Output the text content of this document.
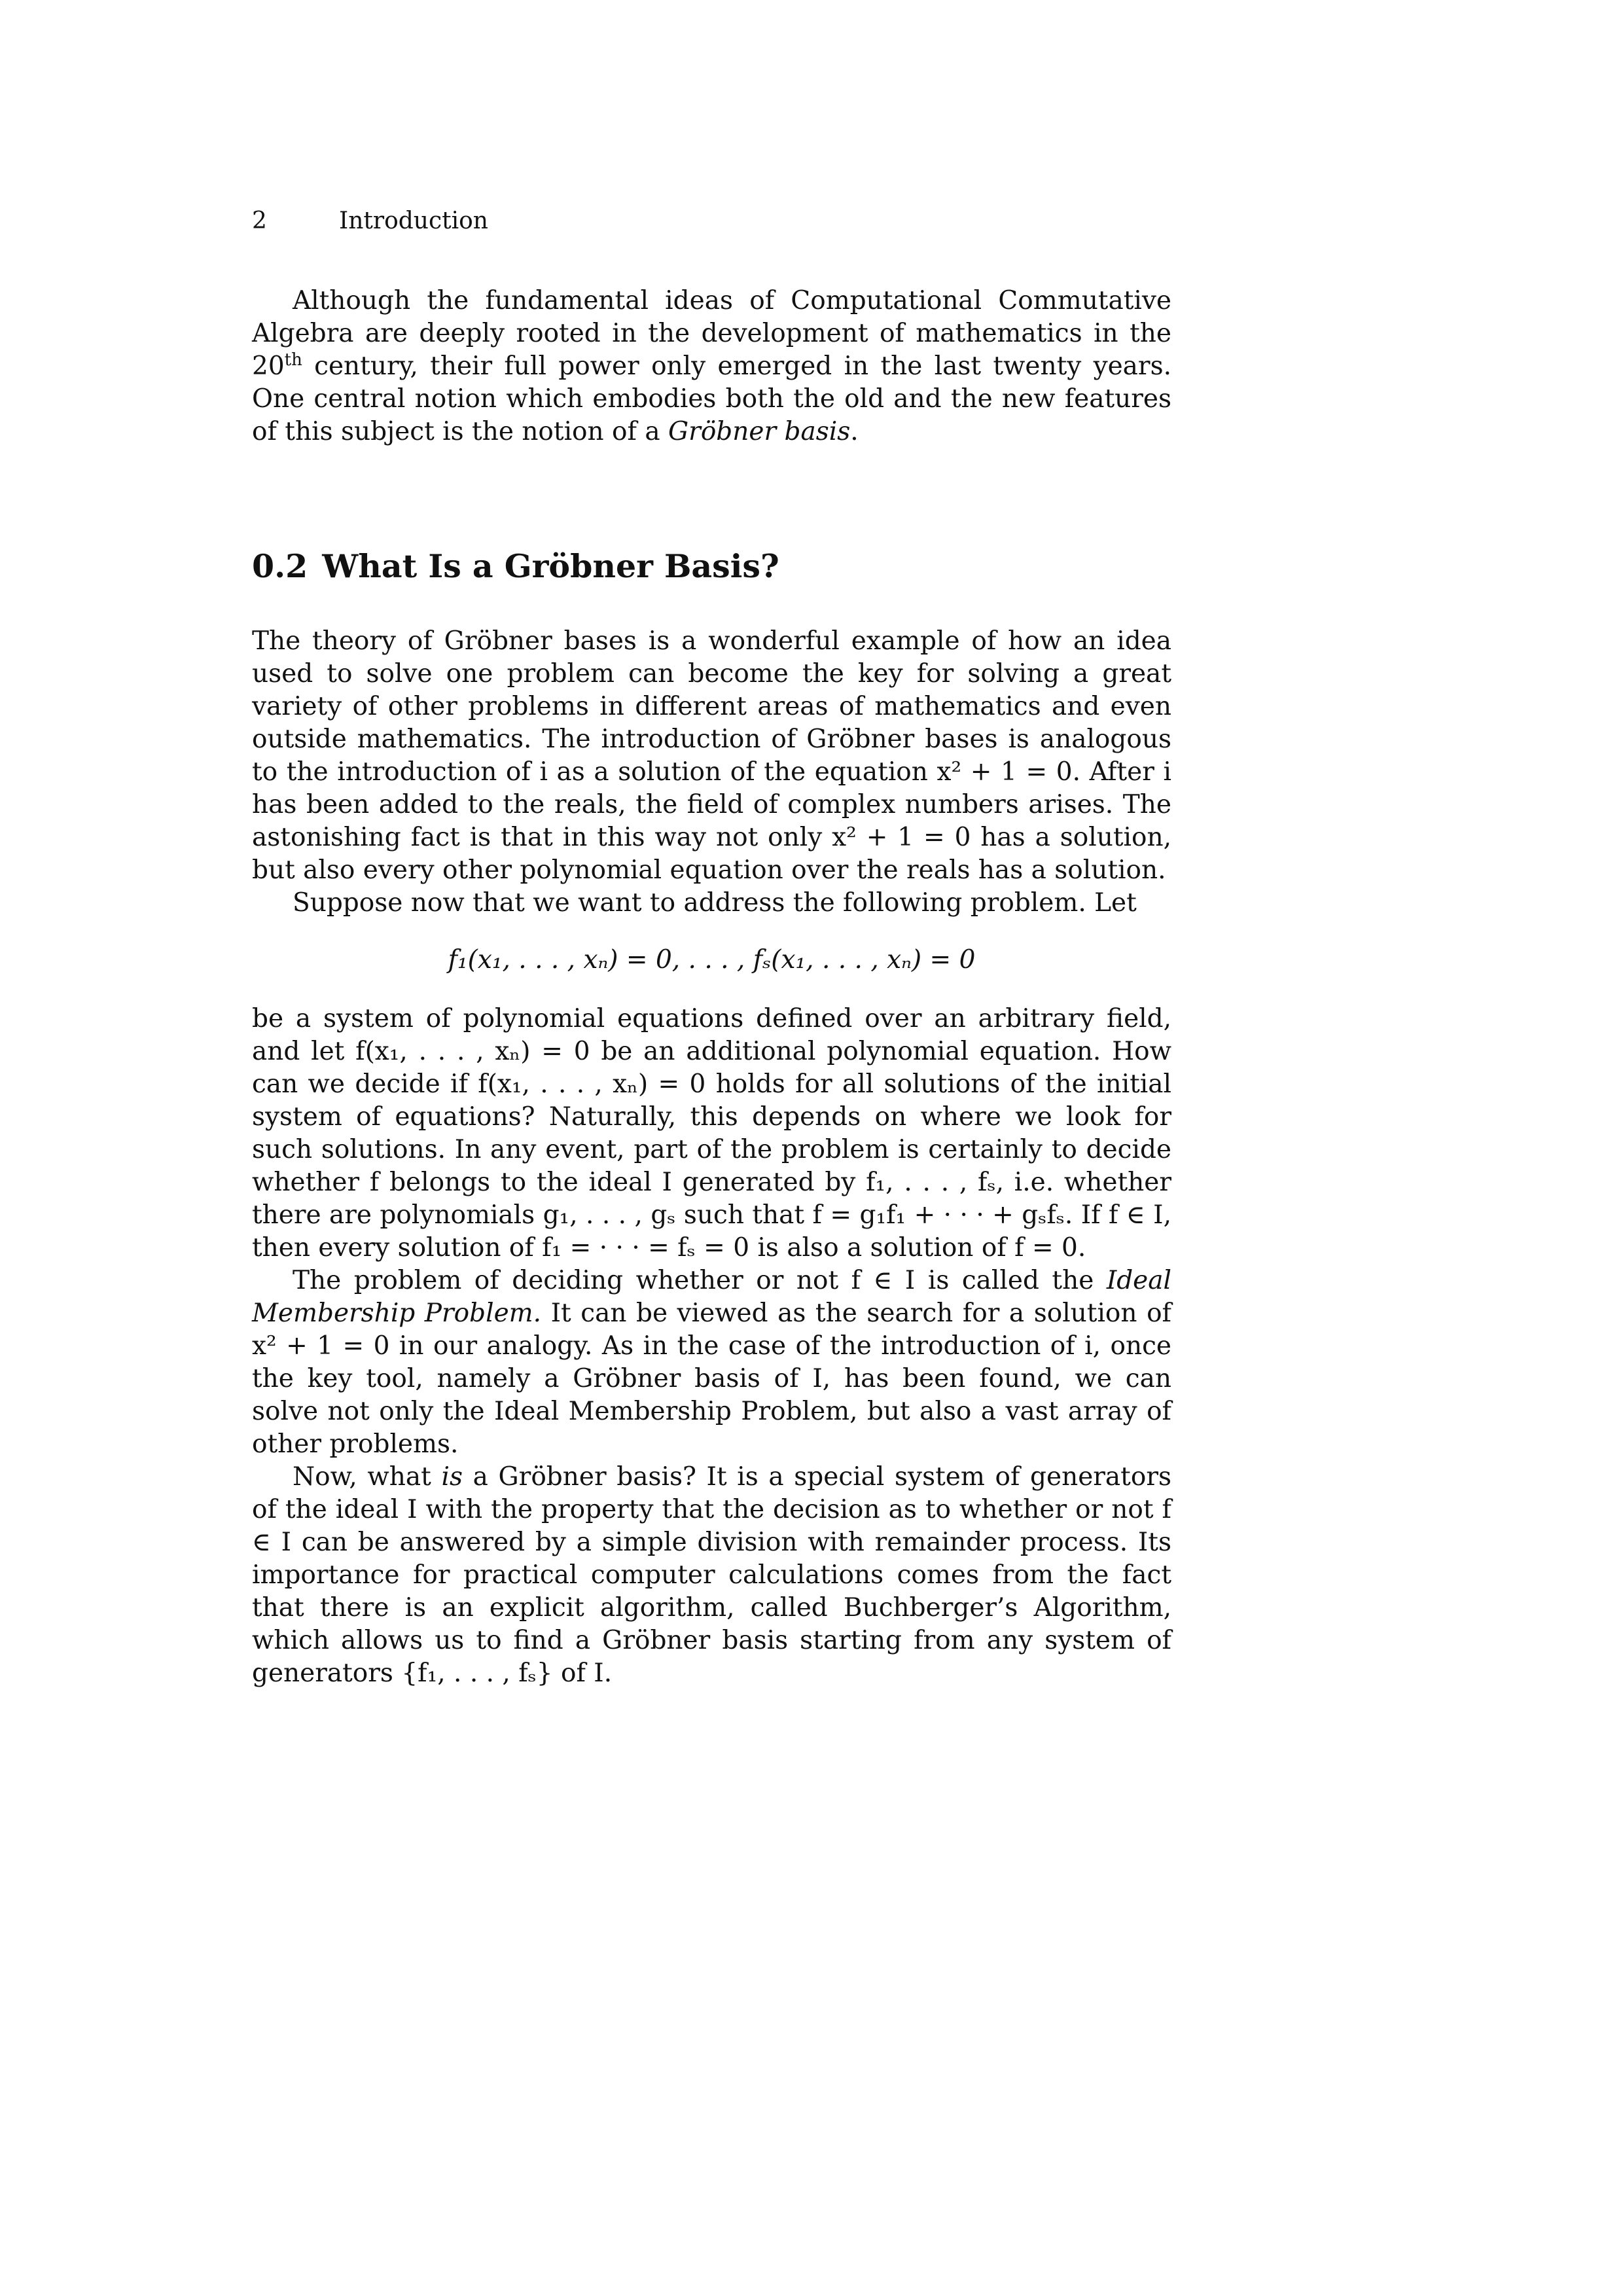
2	Introduction

Although the fundamental ideas of Computational Commutative Algebra are deeply rooted in the development of mathematics in the 20th century, their full power only emerged in the last twenty years. One central notion which embodies both the old and the new features of this subject is the notion of a Gröbner basis.

0.2 What Is a Gröbner Basis?

The theory of Gröbner bases is a wonderful example of how an idea used to solve one problem can become the key for solving a great variety of other problems in different areas of mathematics and even outside mathematics. The introduction of Gröbner bases is analogous to the introduction of i as a solution of the equation x² + 1 = 0. After i has been added to the reals, the field of complex numbers arises. The astonishing fact is that in this way not only x² + 1 = 0 has a solution, but also every other polynomial equation over the reals has a solution.

Suppose now that we want to address the following problem. Let

f₁(x₁, . . . , xₙ) = 0, . . . , fₛ(x₁, . . . , xₙ) = 0

be a system of polynomial equations defined over an arbitrary field, and let f(x₁, . . . , xₙ) = 0 be an additional polynomial equation. How can we decide if f(x₁, . . . , xₙ) = 0 holds for all solutions of the initial system of equations? Naturally, this depends on where we look for such solutions. In any event, part of the problem is certainly to decide whether f belongs to the ideal I generated by f₁, . . . , fₛ, i.e. whether there are polynomials g₁, . . . , gₛ such that f = g₁f₁ + · · · + gₛfₛ. If f ∈ I, then every solution of f₁ = · · · = fₛ = 0 is also a solution of f = 0.

The problem of deciding whether or not f ∈ I is called the Ideal Membership Problem. It can be viewed as the search for a solution of x² + 1 = 0 in our analogy. As in the case of the introduction of i, once the key tool, namely a Gröbner basis of I, has been found, we can solve not only the Ideal Membership Problem, but also a vast array of other problems.

Now, what is a Gröbner basis? It is a special system of generators of the ideal I with the property that the decision as to whether or not f ∈ I can be answered by a simple division with remainder process. Its importance for practical computer calculations comes from the fact that there is an explicit algorithm, called Buchberger’s Algorithm, which allows us to find a Gröbner basis starting from any system of generators {f₁, . . . , fₛ} of I.
